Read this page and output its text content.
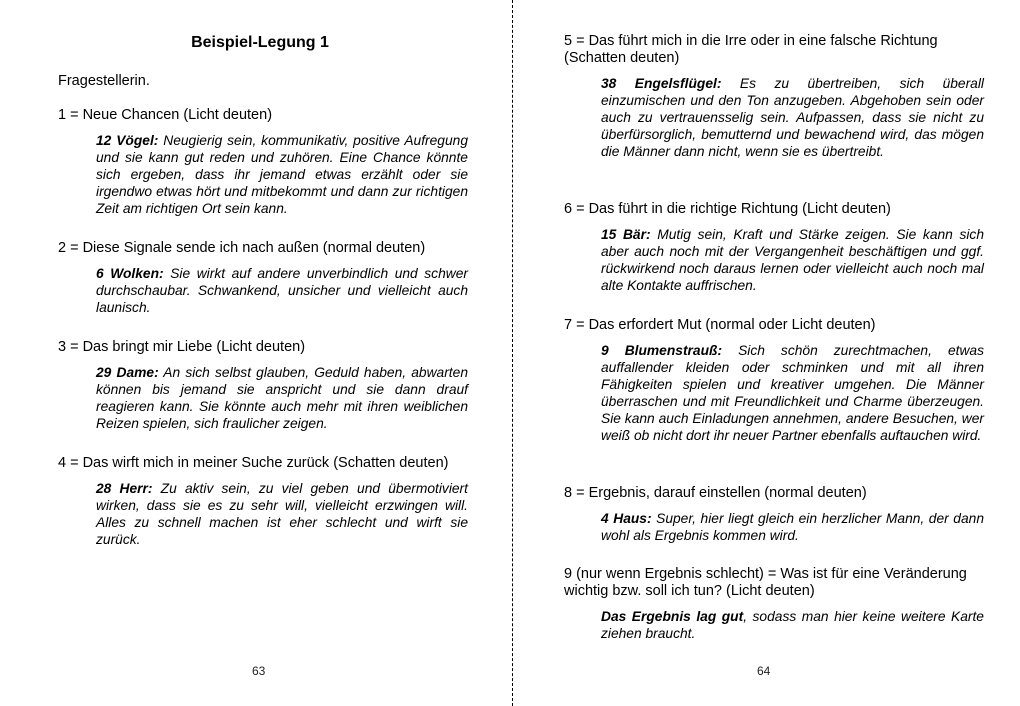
Beispiel-Legung 1
Fragestellerin.
1 = Neue Chancen (Licht deuten)
12 Vögel: Neugierig sein, kommunikativ, positive Aufregung und sie kann gut reden und zuhören. Eine Chance könnte sich ergeben, dass ihr jemand etwas erzählt oder sie irgendwo etwas hört und mitbekommt und dann zur richtigen Zeit am richtigen Ort sein kann.
2 = Diese Signale sende ich nach außen (normal deuten)
6 Wolken: Sie wirkt auf andere unverbindlich und schwer durchschaubar. Schwankend, unsicher und vielleicht auch launisch.
3 = Das bringt mir Liebe (Licht deuten)
29 Dame: An sich selbst glauben, Geduld haben, abwarten können bis jemand sie anspricht und sie dann drauf reagieren kann. Sie könnte auch mehr mit ihren weiblichen Reizen spielen, sich fraulicher zeigen.
4 = Das wirft mich in meiner Suche zurück (Schatten deuten)
28 Herr: Zu aktiv sein, zu viel geben und übermotiviert wirken, dass sie es zu sehr will, vielleicht erzwingen will. Alles zu schnell machen ist eher schlecht und wirft sie zurück.
63
5 = Das führt mich in die Irre oder in eine falsche Richtung (Schatten deuten)
38 Engelsflügel: Es zu übertreiben, sich überall einzumischen und den Ton anzugeben. Abgehoben sein oder auch zu vertrauensselig sein. Aufpassen, dass sie nicht zu überfürsorglich, bemutternd und bewachend wird, das mögen die Männer dann nicht, wenn sie es übertreibt.
6 = Das führt in die richtige Richtung (Licht deuten)
15 Bär: Mutig sein, Kraft und Stärke zeigen. Sie kann sich aber auch noch mit der Vergangenheit beschäftigen und ggf. rückwirkend noch daraus lernen oder vielleicht auch noch mal alte Kontakte auffrischen.
7 = Das erfordert Mut (normal oder Licht deuten)
9 Blumenstrauß: Sich schön zurechtmachen, etwas auffallender kleiden oder schminken und mit all ihren Fähigkeiten spielen und kreativer umgehen. Die Männer überraschen und mit Freundlichkeit und Charme überzeugen. Sie kann auch Einladungen annehmen, andere Besuchen, wer weiß ob nicht dort ihr neuer Partner ebenfalls auftauchen wird.
8 = Ergebnis, darauf einstellen (normal deuten)
4 Haus: Super, hier liegt gleich ein herzlicher Mann, der dann wohl als Ergebnis kommen wird.
9 (nur wenn Ergebnis schlecht) = Was ist für eine Veränderung wichtig bzw. soll ich tun? (Licht deuten)
Das Ergebnis lag gut, sodass man hier keine weitere Karte ziehen braucht.
64
